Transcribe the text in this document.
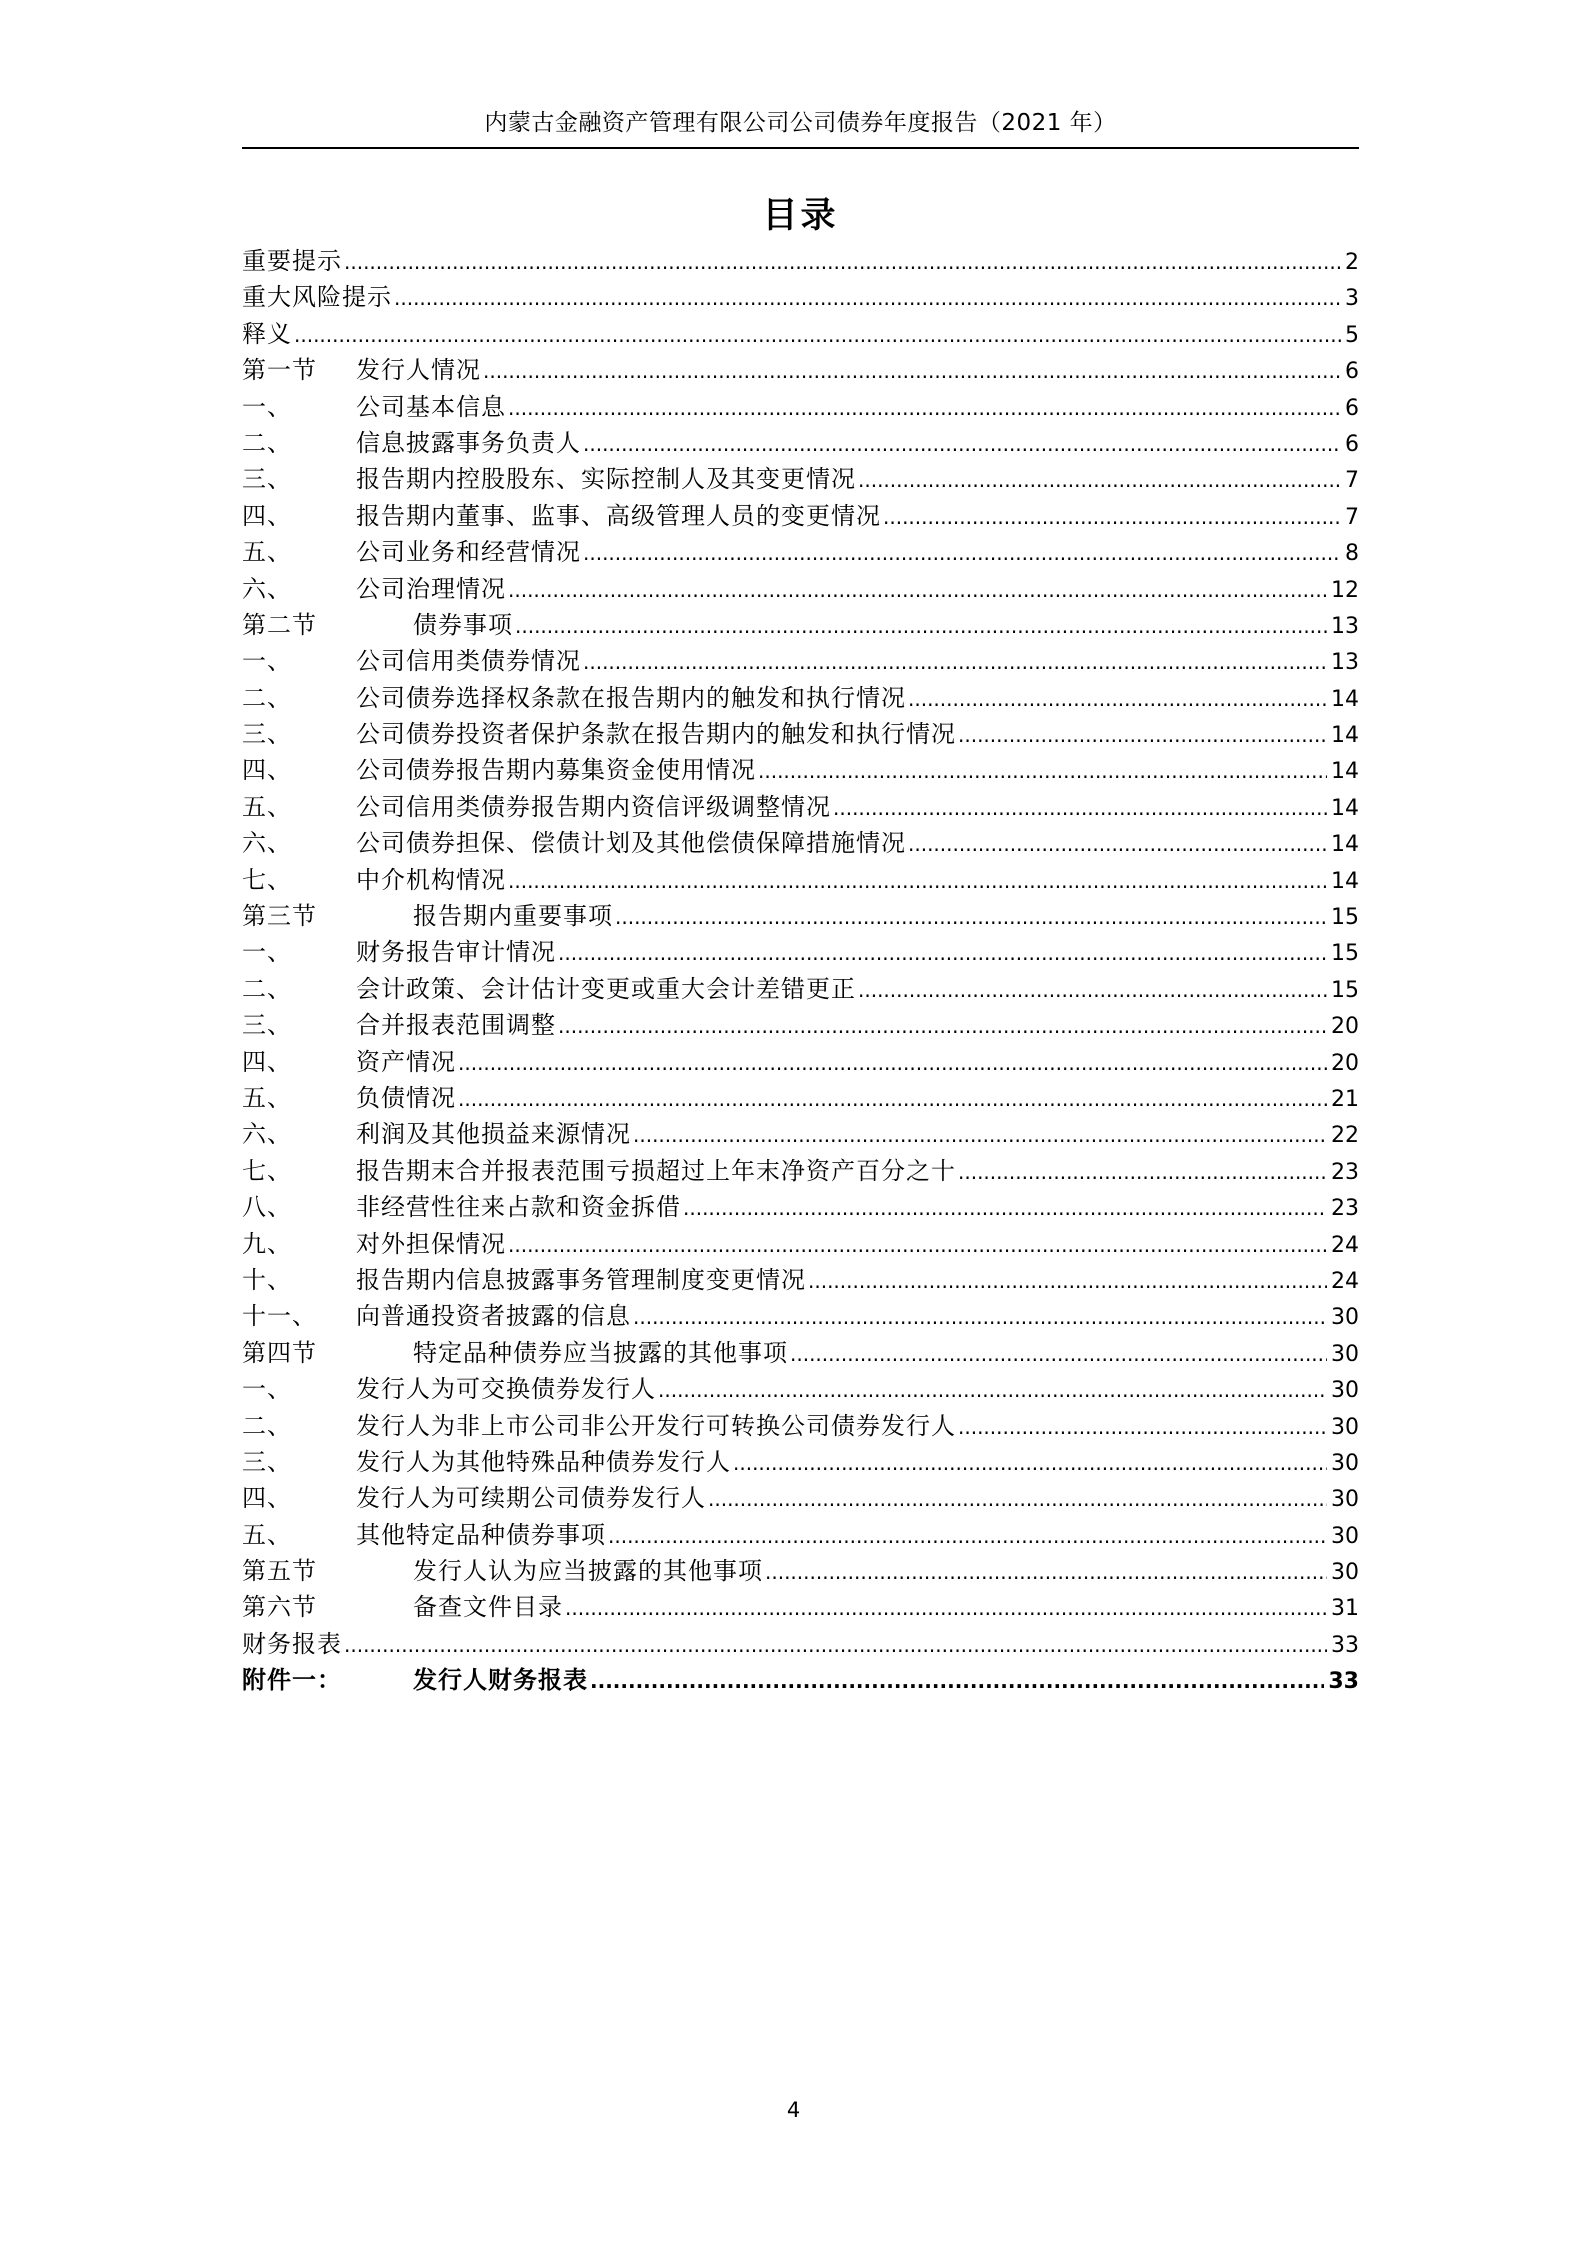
内蒙古金融资产管理有限公司公司债券年度报告（2021 年）
目录
重要提示 .....	2
重大风险提示 .....	3
释义 .....	5
第一节 发行人情况 .....	6
一、	公司基本信息 .....	6
二、	信息披露事务负责人 .....	6
三、	报告期内控股股东、实际控制人及其变更情况 .....	7
四、	报告期内董事、监事、高级管理人员的变更情况 .....	7
五、	公司业务和经营情况 .....	8
六、	公司治理情况 .....	12
第二节	债券事项 .....	13
一、	公司信用类债券情况 .....	13
二、	公司债券选择权条款在报告期内的触发和执行情况 .....	14
三、	公司债券投资者保护条款在报告期内的触发和执行情况 .....	14
四、	公司债券报告期内募集资金使用情况 .....	14
五、	公司信用类债券报告期内资信评级调整情况 .....	14
六、	公司债券担保、偿债计划及其他偿债保障措施情况 .....	14
七、	中介机构情况 .....	14
第三节	报告期内重要事项 .....	15
一、	财务报告审计情况 .....	15
二、	会计政策、会计估计变更或重大会计差错更正 .....	15
三、	合并报表范围调整 .....	20
四、	资产情况 .....	20
五、	负债情况 .....	21
六、	利润及其他损益来源情况 .....	22
七、	报告期末合并报表范围亏损超过上年末净资产百分之十 .....	23
八、	非经营性往来占款和资金拆借 .....	23
九、	对外担保情况 .....	24
十、	报告期内信息披露事务管理制度变更情况 .....	24
十一、 向普通投资者披露的信息 .....	30
第四节	特定品种债券应当披露的其他事项 .....	30
一、	发行人为可交换债券发行人 .....	30
二、	发行人为非上市公司非公开发行可转换公司债券发行人 .....	30
三、	发行人为其他特殊品种债券发行人 .....	30
四、	发行人为可续期公司债券发行人 .....	30
五、	其他特定品种债券事项 .....	30
第五节	发行人认为应当披露的其他事项 .....	30
第六节	备查文件目录 .....	31
财务报表 .....	33
附件一：	发行人财务报表 .....	33
4
